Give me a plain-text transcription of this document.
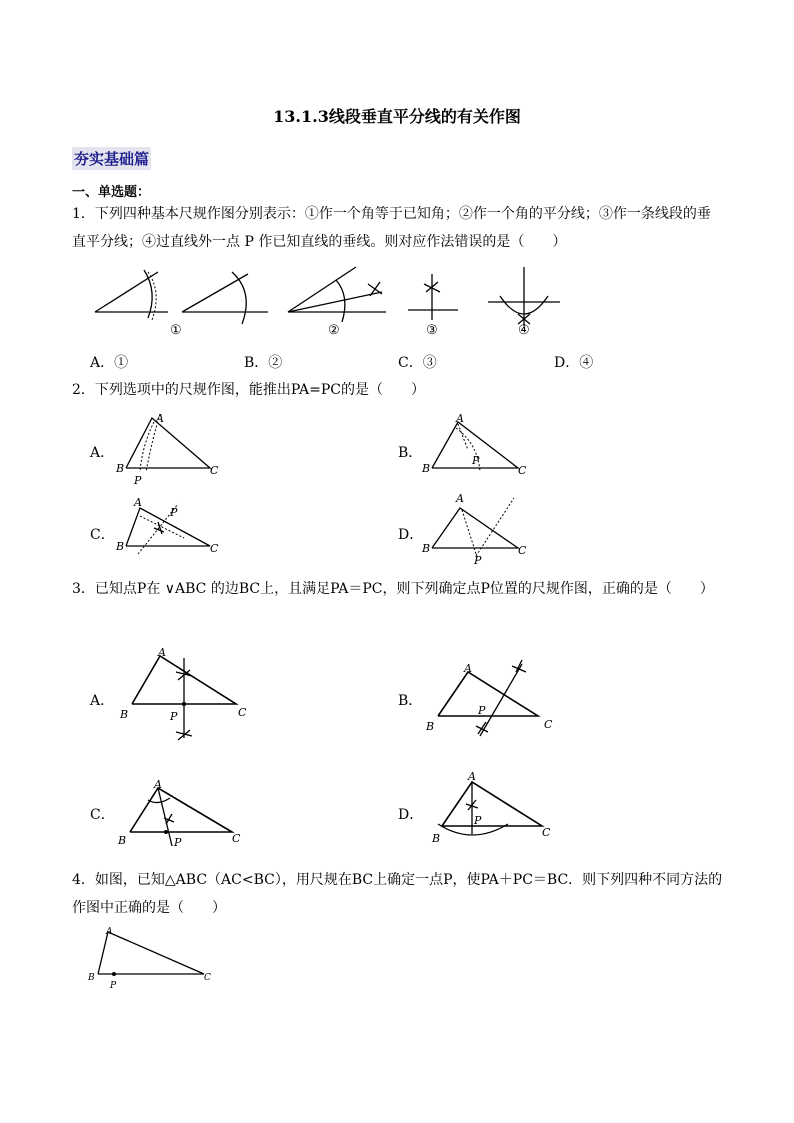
13.1.3线段垂直平分线的有关作图
夯实基础篇
一、单选题：
1．下列四种基本尺规作图分别表示：①作一个角等于已知角；②作一个角的平分线；③作一条线段的垂直平分线；④过直线外一点 P 作已知直线的垂线。则对应作法错误的是（　　）
①	②	③	④
A．①	B．②	C．③	D．④
2．下列选项中的尺规作图，能推出PA=PC的是（　　）
A．
B
A
C
P
B．
B
A
C
P
C．
B
A
C
P
D．
B
A
C
P
3．已知点P在 ∨ABC 的边BC上，且满足PA＝PC，则下列确定点P位置的尺规作图，正确的是（　　）
A．
B
A
C
P
B．
B
A
C
P
C．
B
A
C
P
D．
B
A
C
P
4．如图，已知△ABC（AC<BC），用尺规在BC上确定一点P，使PA＋PC＝BC．则下列四种不同方法的作图中正确的是（　　）
A
B	C
P
